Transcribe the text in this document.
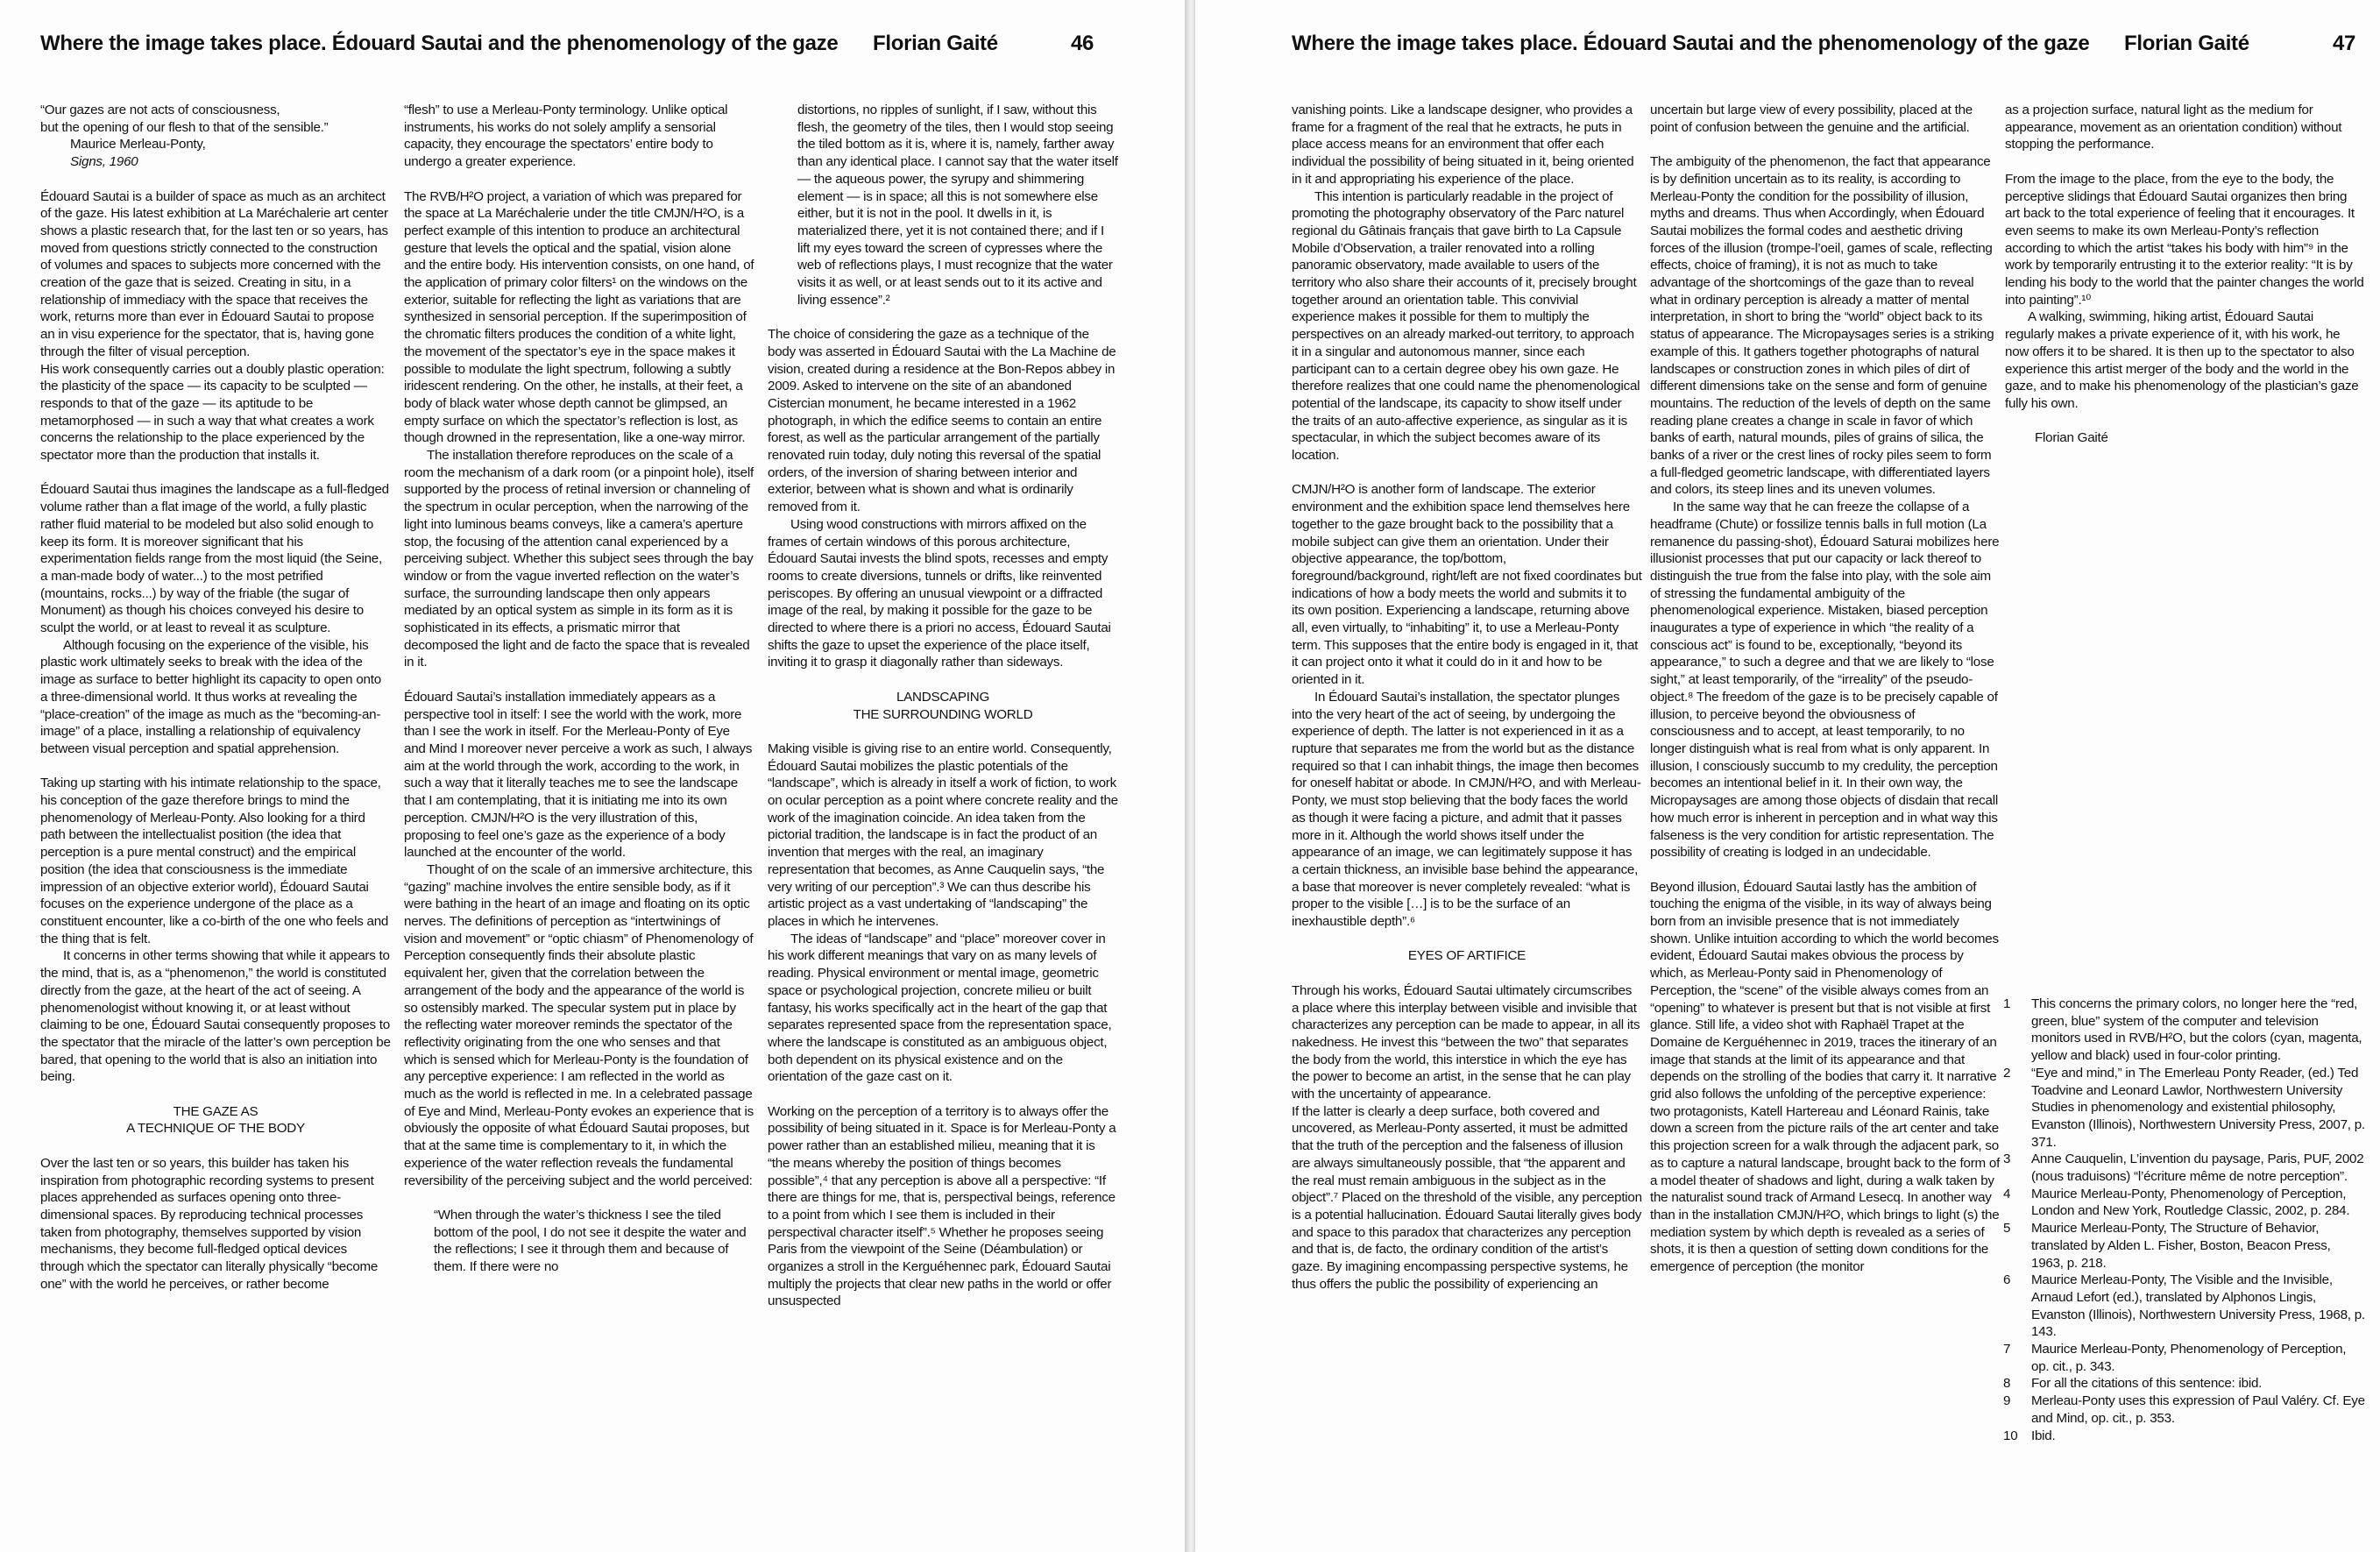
Where the image takes place. Édouard Sautai and the phenomenology of the gaze Florian Gaité	46
“Our gazes are not acts of consciousness,
but the opening of our flesh to that of the sensible.”
Maurice Merleau-Ponty,
Signs, 1960

Édouard Sautai is a builder of space as much as an architect of the gaze. His latest exhibition at La Maréchalerie art center shows a plastic research that, for the last ten or so years, has moved from questions strictly connected to the construction of volumes and spaces to subjects more concerned with the creation of the gaze that is seized. Creating in situ, in a relationship of immediacy with the space that receives the work, returns more than ever in Édouard Sautai to propose an in visu experience for the spectator, that is, having gone through the filter of visual perception.

His work consequently carries out a doubly plastic operation: the plasticity of the space — its capacity to be sculpted — responds to that of the gaze — its aptitude to be metamorphosed — in such a way that what creates a work concerns the relationship to the place experienced by the spectator more than the production that installs it.

Édouard Sautai thus imagines the landscape as a full-fledged volume rather than a flat image of the world, a fully plastic rather fluid material to be modeled but also solid enough to keep its form. It is moreover significant that his experimentation fields range from the most liquid (the Seine, a man-made body of water...) to the most petrified (mountains, rocks...) by way of the friable (the sugar of Monument) as though his choices conveyed his desire to sculpt the world, or at least to reveal it as sculpture.

Although focusing on the experience of the visible, his plastic work ultimately seeks to break with the idea of the image as surface to better highlight its capacity to open onto a three-dimensional world. It thus works at revealing the “place-creation” of the image as much as the “becoming-an-image” of a place, installing a relationship of equivalency between visual perception and spatial apprehension.

Taking up starting with his intimate relationship to the space, his conception of the gaze therefore brings to mind the phenomenology of Merleau-Ponty. Also looking for a third path between the intellectualist position (the idea that perception is a pure mental construct) and the empirical position (the idea that consciousness is the immediate impression of an objective exterior world), Édouard Sautai focuses on the experience undergone of the place as a constituent encounter, like a co-birth of the one who feels and the thing that is felt.

It concerns in other terms showing that while it appears to the mind, that is, as a “phenomenon,” the world is constituted directly from the gaze, at the heart of the act of seeing. A phenomenologist without knowing it, or at least without claiming to be one, Édouard Sautai consequently proposes to the spectator that the miracle of the latter’s own perception be bared, that opening to the world that is also an initiation into being.

THE GAZE AS
A TECHNIQUE OF THE BODY

Over the last ten or so years, this builder has taken his inspiration from photographic recording systems to present places apprehended as surfaces opening onto three-dimensional spaces. By reproducing technical processes taken from photography, themselves supported by vision mechanisms, they become full-fledged optical devices through which the spectator can literally physically “become one” with the world he perceives, or rather become

“flesh” to use a Merleau-Ponty terminology. Unlike optical instruments, his works do not solely amplify a sensorial capacity, they encourage the spectators’ entire body to undergo a greater experience.

The RVB/H²O project, a variation of which was prepared for the space at La Maréchalerie under the title CMJN/H²O, is a perfect example of this intention to produce an architectural gesture that levels the optical and the spatial, vision alone and the entire body. His intervention consists, on one hand, of the application of primary color filters¹ on the windows on the exterior, suitable for reflecting the light as variations that are synthesized in sensorial perception. If the superimposition of the chromatic filters produces the condition of a white light, the movement of the spectator’s eye in the space makes it possible to modulate the light spectrum, following a subtly iridescent rendering. On the other, he installs, at their feet, a body of black water whose depth cannot be glimpsed, an empty surface on which the spectator’s reflection is lost, as though drowned in the representation, like a one-way mirror.

The installation therefore reproduces on the scale of a room the mechanism of a dark room (or a pinpoint hole), itself supported by the process of retinal inversion or channeling of the spectrum in ocular perception, when the narrowing of the light into luminous beams conveys, like a camera’s aperture stop, the focusing of the attention canal experienced by a perceiving subject. Whether this subject sees through the bay window or from the vague inverted reflection on the water’s surface, the surrounding landscape then only appears mediated by an optical system as simple in its form as it is sophisticated in its effects, a prismatic mirror that decomposed the light and de facto the space that is revealed in it.

Édouard Sautai’s installation immediately appears as a perspective tool in itself: I see the world with the work, more than I see the work in itself. For the Merleau-Ponty of Eye and Mind I moreover never perceive a work as such, I always aim at the world through the work, according to the work, in such a way that it literally teaches me to see the landscape that I am contemplating, that it is initiating me into its own perception. CMJN/H²O is the very illustration of this, proposing to feel one’s gaze as the experience of a body launched at the encounter of the world.

Thought of on the scale of an immersive architecture, this “gazing” machine involves the entire sensible body, as if it were bathing in the heart of an image and floating on its optic nerves. The definitions of perception as “intertwinings of vision and movement” or “optic chiasm” of Phenomenology of Perception consequently finds their absolute plastic equivalent her, given that the correlation between the arrangement of the body and the appearance of the world is so ostensibly marked. The specular system put in place by the reflecting water moreover reminds the spectator of the reflectivity originating from the one who senses and that which is sensed which for Merleau-Ponty is the foundation of any perceptive experience: I am reflected in the world as much as the world is reflected in me. In a celebrated passage of Eye and Mind, Merleau-Ponty evokes an experience that is obviously the opposite of what Édouard Sautai proposes, but that at the same time is complementary to it, in which the experience of the water reflection reveals the fundamental reversibility of the perceiving subject and the world perceived:

“When through the water’s thickness I see the tiled bottom of the pool, I do not see it despite the water and the reflections; I see it through them and because of them. If there were no
distortions, no ripples of sunlight, if I saw, without this flesh, the geometry of the tiles, then I would stop seeing the tiled bottom as it is, where it is, namely, farther away than any identical place. I cannot say that the water itself — the aqueous power, the syrupy and shimmering element — is in space; all this is not somewhere else either, but it is not in the pool. It dwells in it, is materialized there, yet it is not contained there; and if I lift my eyes toward the screen of cypresses where the web of reflections plays, I must recognize that the water visits it as well, or at least sends out to it its active and living essence”.²

The choice of considering the gaze as a technique of the body was asserted in Édouard Sautai with the La Machine de vision, created during a residence at the Bon-Repos abbey in 2009. Asked to intervene on the site of an abandoned Cistercian monument, he became interested in a 1962 photograph, in which the edifice seems to contain an entire forest, as well as the particular arrangement of the partially renovated ruin today, duly noting this reversal of the spatial orders, of the inversion of sharing between interior and exterior, between what is shown and what is ordinarily removed from it.

Using wood constructions with mirrors affixed on the frames of certain windows of this porous architecture, Édouard Sautai invests the blind spots, recesses and empty rooms to create diversions, tunnels or drifts, like reinvented periscopes. By offering an unusual viewpoint or a diffracted image of the real, by making it possible for the gaze to be directed to where there is a priori no access, Édouard Sautai shifts the gaze to upset the experience of the place itself, inviting it to grasp it diagonally rather than sideways.

LANDSCAPING
THE SURROUNDING WORLD

Making visible is giving rise to an entire world. Consequently, Édouard Sautai mobilizes the plastic potentials of the “landscape”, which is already in itself a work of fiction, to work on ocular perception as a point where concrete reality and the work of the imagination coincide. An idea taken from the pictorial tradition, the landscape is in fact the product of an invention that merges with the real, an imaginary representation that becomes, as Anne Cauquelin says, “the very writing of our perception”.³ We can thus describe his artistic project as a vast undertaking of “landscaping” the places in which he intervenes.

The ideas of “landscape” and “place” moreover cover in his work different meanings that vary on as many levels of reading. Physical environment or mental image, geometric space or psychological projection, concrete milieu or built fantasy, his works specifically act in the heart of the gap that separates represented space from the representation space, where the landscape is constituted as an ambiguous object, both dependent on its physical existence and on the orientation of the gaze cast on it.

Working on the perception of a territory is to always offer the possibility of being situated in it. Space is for Merleau-Ponty a power rather than an established milieu, meaning that it is “the means whereby the position of things becomes possible”,⁴ that any perception is above all a perspective: “If there are things for me, that is, perspectival beings, reference to a point from which I see them is included in their perspectival character itself”.⁵ Whether he proposes seeing Paris from the viewpoint of the Seine (Déambulation) or organizes a stroll in the Kerguéhennec park, Édouard Sautai multiply the projects that clear new paths in the world or offer unsuspected

Where the image takes place. Édouard Sautai and the phenomenology of the gaze Florian Gaité	47

vanishing points. Like a landscape designer, who provides a frame for a fragment of the real that he extracts, he puts in place access means for an environment that offer each individual the possibility of being situated in it, being oriented in it and appropriating his experience of the place.

This intention is particularly readable in the project of promoting the photography observatory of the Parc naturel regional du Gâtinais français that gave birth to La Capsule Mobile d’Observation, a trailer renovated into a rolling panoramic observatory, made available to users of the territory who also share their accounts of it, precisely brought together around an orientation table. This convivial experience makes it possible for them to multiply the perspectives on an already marked-out territory, to approach it in a singular and autonomous manner, since each participant can to a certain degree obey his own gaze. He therefore realizes that one could name the phenomenological potential of the landscape, its capacity to show itself under the traits of an auto-affective experience, as singular as it is spectacular, in which the subject becomes aware of its location.

CMJN/H²O is another form of landscape. The exterior environment and the exhibition space lend themselves here together to the gaze brought back to the possibility that a mobile subject can give them an orientation. Under their objective appearance, the top/bottom, foreground/background, right/left are not fixed coordinates but indications of how a body meets the world and submits it to its own position. Experiencing a landscape, returning above all, even virtually, to “inhabiting” it, to use a Merleau-Ponty term. This supposes that the entire body is engaged in it, that it can project onto it what it could do in it and how to be oriented in it.

In Édouard Sautai’s installation, the spectator plunges into the very heart of the act of seeing, by undergoing the experience of depth. The latter is not experienced in it as a rupture that separates me from the world but as the distance required so that I can inhabit things, the image then becomes for oneself habitat or abode. In CMJN/H²O, and with Merleau-Ponty, we must stop believing that the body faces the world as though it were facing a picture, and admit that it passes more in it. Although the world shows itself under the appearance of an image, we can legitimately suppose it has a certain thickness, an invisible base behind the appearance, a base that moreover is never completely revealed: “what is proper to the visible […] is to be the surface of an inexhaustible depth”.⁶

EYES OF ARTIFICE

Through his works, Édouard Sautai ultimately circumscribes a place where this interplay between visible and invisible that characterizes any perception can be made to appear, in all its nakedness. He invest this “between the two” that separates the body from the world, this interstice in which the eye has the power to become an artist, in the sense that he can play with the uncertainty of appearance.

If the latter is clearly a deep surface, both covered and uncovered, as Merleau-Ponty asserted, it must be admitted that the truth of the perception and the falseness of illusion are always simultaneously possible, that “the apparent and the real must remain ambiguous in the subject as in the object”.⁷ Placed on the threshold of the visible, any perception is a potential hallucination. Édouard Sautai literally gives body and space to this paradox that characterizes any perception and that is, de facto, the ordinary condition of the artist’s gaze. By imagining encompassing perspective systems, he thus offers the public the possibility of experiencing an

uncertain but large view of every possibility, placed at the point of confusion between the genuine and the artificial.

The ambiguity of the phenomenon, the fact that appearance is by definition uncertain as to its reality, is according to Merleau-Ponty the condition for the possibility of illusion, myths and dreams. Thus when Accordingly, when Édouard Sautai mobilizes the formal codes and aesthetic driving forces of the illusion (trompe-l’oeil, games of scale, reflecting effects, choice of framing), it is not as much to take advantage of the shortcomings of the gaze than to reveal what in ordinary perception is already a matter of mental interpretation, in short to bring the “world” object back to its status of appearance. The Micropaysages series is a striking example of this. It gathers together photographs of natural landscapes or construction zones in which piles of dirt of different dimensions take on the sense and form of genuine mountains. The reduction of the levels of depth on the same reading plane creates a change in scale in favor of which banks of earth, natural mounds, piles of grains of silica, the banks of a river or the crest lines of rocky piles seem to form a full-fledged geometric landscape, with differentiated layers and colors, its steep lines and its uneven volumes.

In the same way that he can freeze the collapse of a headframe (Chute) or fossilize tennis balls in full motion (La remanence du passing-shot), Édouard Saturai mobilizes here illusionist processes that put our capacity or lack thereof to distinguish the true from the false into play, with the sole aim of stressing the fundamental ambiguity of the phenomenological experience. Mistaken, biased perception inaugurates a type of experience in which “the reality of a conscious act” is found to be, exceptionally, “beyond its appearance,” to such a degree and that we are likely to “lose sight,” at least temporarily, of the “irreality” of the pseudo-object.⁸ The freedom of the gaze is to be precisely capable of illusion, to perceive beyond the obviousness of consciousness and to accept, at least temporarily, to no longer distinguish what is real from what is only apparent. In illusion, I consciously succumb to my credulity, the perception becomes an intentional belief in it. In their own way, the Micropaysages are among those objects of disdain that recall how much error is inherent in perception and in what way this falseness is the very condition for artistic representation. The possibility of creating is lodged in an undecidable.

Beyond illusion, Édouard Sautai lastly has the ambition of touching the enigma of the visible, in its way of always being born from an invisible presence that is not immediately shown. Unlike intuition according to which the world becomes evident, Édouard Sautai makes obvious the process by which, as Merleau-Ponty said in Phenomenology of Perception, the “scene” of the visible always comes from an “opening” to whatever is present but that is not visible at first glance. Still life, a video shot with Raphaël Trapet at the Domaine de Kerguéhennec in 2019, traces the itinerary of an image that stands at the limit of its appearance and that depends on the strolling of the bodies that carry it. It narrative grid also follows the unfolding of the perceptive experience: two protagonists, Katell Hartereau and Léonard Rainis, take down a screen from the picture rails of the art center and take this projection screen for a walk through the adjacent park, so as to capture a natural landscape, brought back to the form of a model theater of shadows and light, during a walk taken by the naturalist sound track of Armand Lesecq. In another way than in the installation CMJN/H²O, which brings to light (s) the mediation system by which depth is revealed as a series of shots, it is then a question of setting down conditions for the emergence of perception (the monitor

as a projection surface, natural light as the medium for appearance, movement as an orientation condition) without stopping the performance.

From the image to the place, from the eye to the body, the perceptive slidings that Édouard Sautai organizes then bring art back to the total experience of feeling that it encourages. It even seems to make its own Merleau-Ponty’s reflection according to which the artist “takes his body with him”⁹ in the work by temporarily entrusting it to the exterior reality: “It is by lending his body to the world that the painter changes the world into painting”.¹⁰

A walking, swimming, hiking artist, Édouard Sautai regularly makes a private experience of it, with his work, he now offers it to be shared. It is then up to the spectator to also experience this artist merger of the body and the world in the gaze, and to make his phenomenology of the plastician’s gaze fully his own.

Florian Gaité
1	This concerns the primary colors, no longer here the “red, green, blue” system of the computer and television monitors used in RVB/H²O, but the colors (cyan, magenta, yellow and black) used in four-color printing.
2	“Eye and mind,” in The Emerleau Ponty Reader, (ed.) Ted Toadvine and Leonard Lawlor, Northwestern University Studies in phenomenology and existential philosophy, Evanston (Illinois), Northwestern University Press, 2007, p. 371.
3	Anne Cauquelin, L’invention du paysage, Paris, PUF, 2002 (nous traduisons) “l’écriture même de notre perception”.
4	Maurice Merleau-Ponty, Phenomenology of Perception, London and New York, Routledge Classic, 2002, p. 284.
5	Maurice Merleau-Ponty, The Structure of Behavior, translated by Alden L. Fisher, Boston, Beacon Press, 1963, p. 218.
6	Maurice Merleau-Ponty, The Visible and the Invisible, Arnaud Lefort (ed.), translated by Alphonos Lingis, Evanston (Illinois), Northwestern University Press, 1968, p. 143.
7	Maurice Merleau-Ponty, Phenomenology of Perception, op. cit., p. 343.
8	For all the citations of this sentence: ibid.
9	Merleau-Ponty uses this expression of Paul Valéry. Cf. Eye and Mind, op. cit., p. 353.
10	Ibid.
